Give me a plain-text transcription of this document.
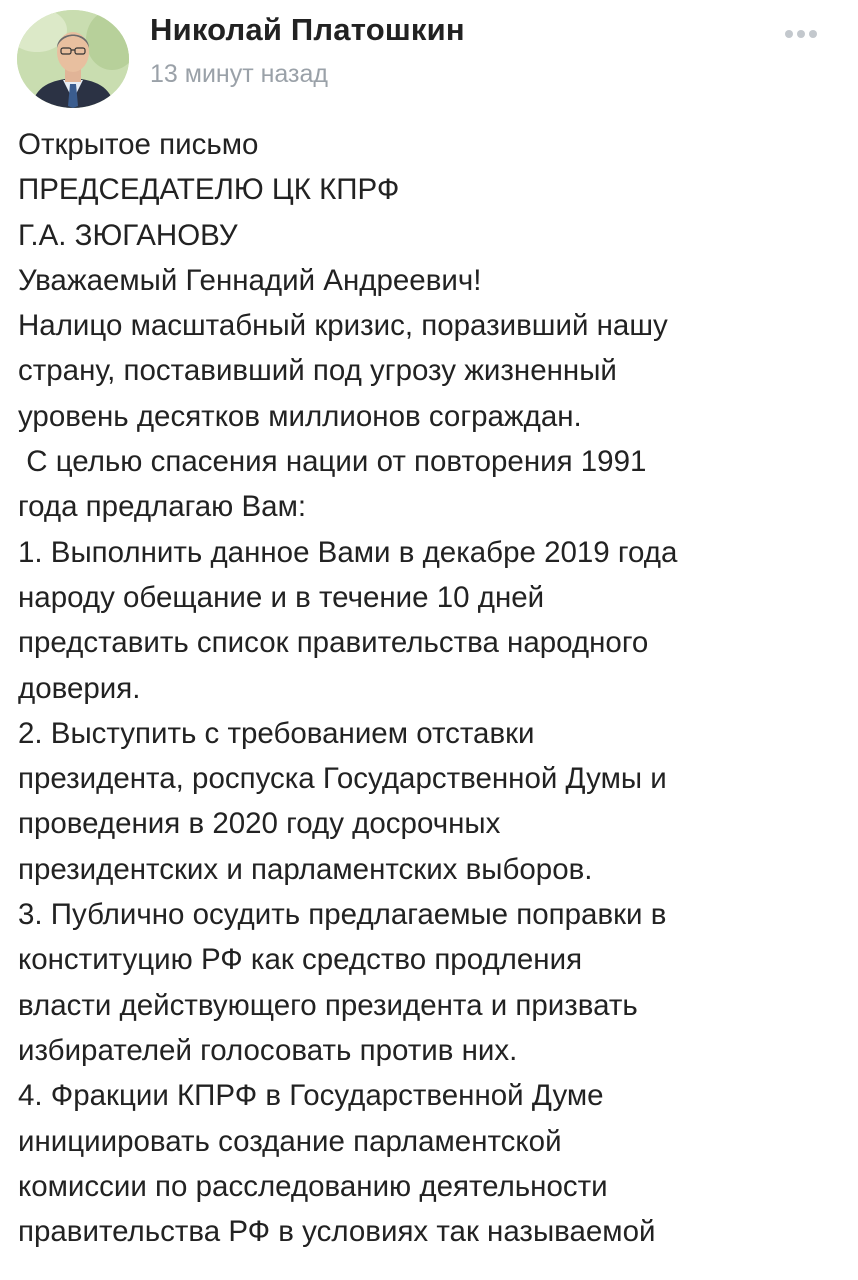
Николай Платошкин
13 минут назад
Открытое письмо
ПРЕДСЕДАТЕЛЮ ЦК КПРФ
Г.А. ЗЮГАНОВУ
Уважаемый Геннадий Андреевич!
Налицо масштабный кризис, поразивший нашу
страну, поставивший под угрозу жизненный
уровень десятков миллионов сограждан.
С целью спасения нации от повторения 1991
года предлагаю Вам:
1. Выполнить данное Вами в декабре 2019 года
народу обещание и в течение 10 дней
представить список правительства народного
доверия.
2. Выступить с требованием отставки
президента, роспуска Государственной Думы и
проведения в 2020 году досрочных
президентских и парламентских выборов.
3. Публично осудить предлагаемые поправки в
конституцию РФ как средство продления
власти действующего президента и призвать
избирателей голосовать против них.
4. Фракции КПРФ в Государственной Думе
инициировать создание парламентской
комиссии по расследованию деятельности
правительства РФ в условиях так называемой
